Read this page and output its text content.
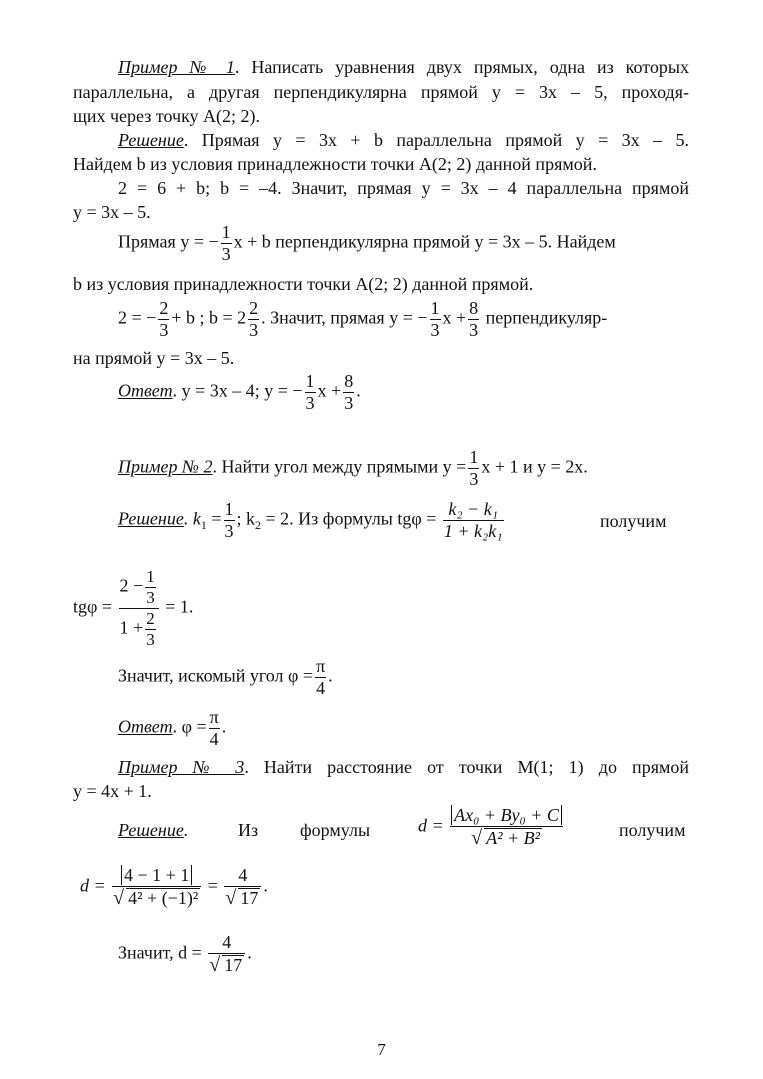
Пример № 1. Написать уравнения двух прямых, одна из которых
параллельна, а другая перпендикулярна прямой y = 3x – 5, проходя-
щих через точку A(2; 2).
Решение. Прямая y = 3x + b параллельна прямой y = 3x – 5.
Найдем b из условия принадлежности точки A(2; 2) данной прямой.
2 = 6 + b; b = –4. Значит, прямая y = 3x – 4 параллельна прямой
y = 3x – 5.
Прямая y = − $\frac{1}{3}$ x + b перпендикулярна прямой y = 3x – 5. Найдем
b из условия принадлежности точки A(2; 2) данной прямой.
2 = − $\frac{2}{3} + b$ ; $b = 2 \frac{2}{3}$ . Значит, прямая y = − $\frac{1}{3}$ $x + \frac{8}{3}$ перпендикуляр-
на прямой y = 3x – 5.
Ответ. y = 3x – 4; y = − $\frac{1}{3}$ $x + \frac{8}{3}$ .
Пример № 2. Найти угол между прямыми $y = \frac{1}{3}$ x + 1 и y = 2x.
Решение. $k_1 = \frac{1}{3}$ ; $k_2 = 2$. Из формулы $tg\varphi = \frac{\text{k₂ − k₁}}{\text{1 + k₂k₁}}$	получим
$tg\varphi = \frac{2 - \frac{1}{3}}{1 + \frac{2}{3}} = 1$.
Значит, искомый угол $\varphi = \frac{\pi}{4}$ .
Ответ. $\varphi = \frac{\pi}{4}$ .
Пример № 3. Найти расстояние от точки M(1; 1) до прямой
y = 4x + 1.
Решение.	Из формулы	$d = \frac{\text{Ax₀ + By₀ + C}}{\text{√ A² + B²}}$	получим
$d = \frac{4 - 1 + 1}{\text{√ 4² + (−1)²}} = \frac{4}{√ 17}$ .
Значит, $d = \frac{4}{√ 17}$ .
7
